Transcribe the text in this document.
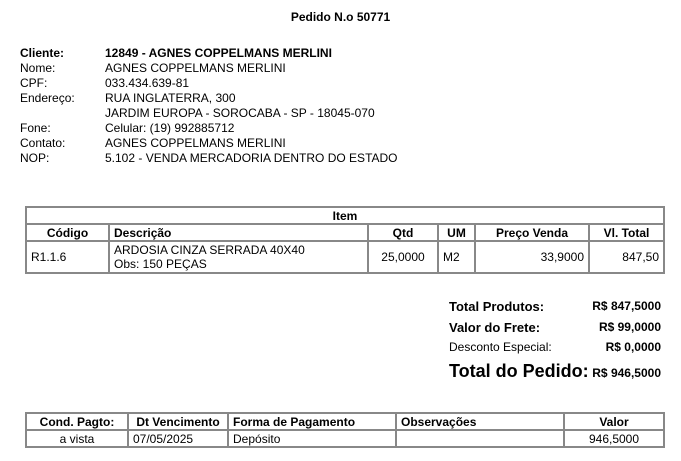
Pedido N.o 50771
Cliente:	12849 - AGNES COPPELMANS MERLINI
Nome:	AGNES COPPELMANS MERLINI
CPF:	033.434.639-81
Endereço:	RUA INGLATERRA, 300
JARDIM EUROPA - SOROCABA - SP - 18045-070
Fone:	Celular: (19) 992885712
Contato:	AGNES COPPELMANS MERLINI
NOP:	5.102 - VENDA MERCADORIA DENTRO DO ESTADO
Item					
Código	Descrição	Qtd	UM	Preço Venda	Vl. Total
R1.1.6	ARDOSIA CINZA SERRADA 40X40
Obs: 150 PEÇAS	25,0000	M2	33,9000	847,50
Total Produtos:	R$ 847,5000
Valor do Frete:	R$ 99,0000
Desconto Especial:	R$ 0,0000
Total do Pedido: R$ 946,5000
Cond. Pagto:	Dt Vencimento	Forma de Pagamento	Observações	Valor
a vista	07/05/2025	Depósito		946,5000
